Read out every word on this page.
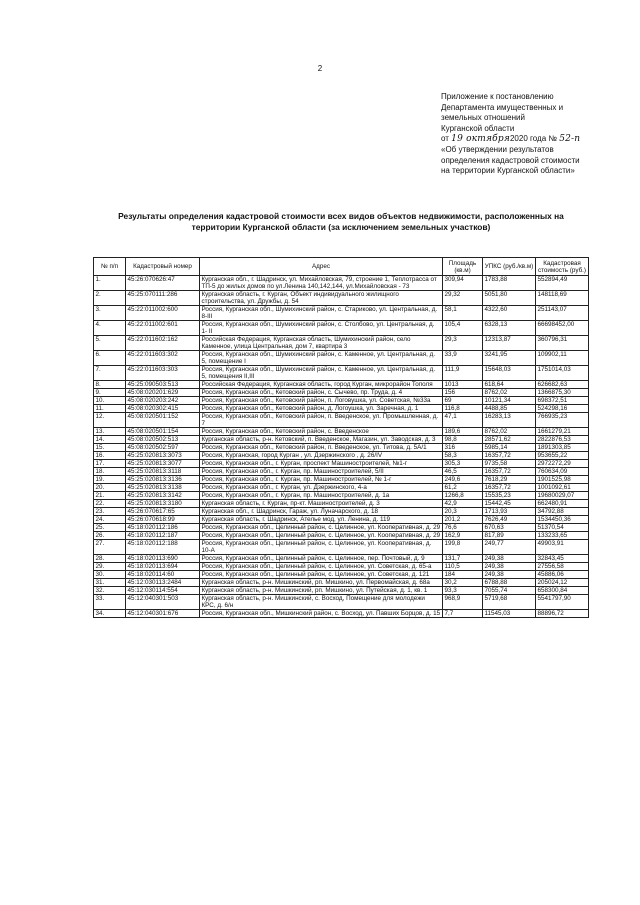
2
Приложение к постановлению
Департамента имущественных и
земельных отношений
Курганской области
от 19 октября2020 года № 52-п
«Об утверждении результатов
определения кадастровой стоимости
на территории Курганской области»
Результаты определения кадастровой стоимости всех видов объектов недвижимости, расположенных на территории Курганской области (за исключением земельных участков)
№ п/п	Кадастровый номер	Адрес	Площадь (кв.м)	УПКС (руб./кв.м)	Кадастровая стоимость (руб.)
1.	45:26:070626:47	Курганская обл., г. Шадринск, ул. Михайловская, 79, строение 1, Теплотрасса от ТП-5 до жилых домов по ул.Ленина 140,142,144, ул.Михайловская - 73	309,94	1783,88	552894,49
2.	45:25:070111:286	Курганская область, г. Курган, Объект индивидуального жилищного строительства, ул. Дружбы, д. 54	29,32	5051,80	148118,69
3.	45:22:011002:600	Россия, Курганская обл., Шумихинский район, с. Стариково, ул. Центральная, д. 8-III	58,1	4322,60	251143,07
4.	45:22:011002:601	Россия, Курганская обл., Шумихинский район, с. Столбово, ул. Центральная, д. 1- II	105,4	6328,13	66698452,00
5.	45:22:011602:162	Российская Федерация, Курганская область, Шумихинский район, село Каменное, улица Центральная, дом 7, квартира 3	29,3	12313,87	360796,31
6.	45:22:011603:302	Россия, Курганская обл., Шумихинский район, с. Каменное, ул. Центральная, д. 5, помещение I	33,9	3241,95	109902,11
7.	45:22:011603:303	Россия, Курганская обл., Шумихинский район, с. Каменное, ул. Центральная, д. 5, помещения II,III	111,9	15648,03	1751014,03
8.	45:25:090503:513	Российская Федерация, Курганская область, город Курган, микрорайон Тополя	1013	618,64	626682,63
9.	45:08:020201:629	Россия, Курганская обл., Кетовский район, с. Сычево, пр. Труда, д. 4	156	8762,02	1366875,30
10.	45:08:020203:242	Россия, Курганская обл., Кетовский район, п. Логовушка, ул. Советская, №33а	69	10121,34	698372,51
11.	45:08:020302:415	Россия, Курганская обл., Кетовский район, д. Логоушка, ул. Заречная, д. 1	116,8	4488,85	524298,16
12.	45:08:020501:152	Россия, Курганская обл., Кетовский район, п. Введенское, ул. Промышленная, д. 7	47,1	16283,13	766935,23
13.	45:08:020501:154	Россия, Курганская обл., Кетовский район, с. Введенское	189,6	8762,02	1661279,21
14.	45:08:020502:513	Курганская область, р-н. Кетовский, п. Введенское, Магазин, ул. Заводская, д. 3	98,8	28571,62	2822876,53
15.	45:08:020502:597	Россия, Курганская обл., Кетовский район, п. Введенское, ул. Титова, д. 5А/1	316	5985,14	1891303,85
16.	45:25:020813:3073	Россия, Курганская, город Курган , ул. Дзержинского , д. 26/IV	58,3	16357,72	953655,22
17.	45:25:020813:3077	Россия, Курганская обл., г. Курган, проспект Машиностроителей, №1-г	305,3	9735,58	2972272,29
18.	45:25:020813:3118	Россия, Курганская обл., г. Курган, пр. Машиностроителей, 5/II	46,5	16357,72	760634,09
19.	45:25:020813:3136	Россия, Курганская обл., г. Курган, пр. Машиностроителей, № 1-г	249,6	7618,29	1901525,98
20.	45:25:020813:3138	Россия, Курганская обл., г. Курган, ул. Дзержинского, 4-а	61,2	16357,72	1001092,61
21.	45:25:020813:3142	Россия, Курганская обл., г. Курган, пр. Машиностроителей, д. 1а	1266,8	15535,23	19680029,07
22.	45:25:020813:3180	Курганская область, г. Курган, пр-кт. Машиностроителей, д. 3	42,9	15442,45	662480,91
23.	45:26:070617:65	Курганская обл., г. Шадринск, Гараж, ул. Луначарского, д. 18	20,3	1713,93	34792,88
24.	45:26:070618:99	Курганская область, г. Шадринск, Ателье мод, ул. Ленина, д. 119	201,2	7626,49	1534450,36
25.	45:18:020112:186	Россия, Курганская обл., Целинный район, с. Целинное, ул. Кооперативная, д. 29	76,6	670,63	51370,54
26.	45:18:020112:187	Россия, Курганская обл., Целинный район, с. Целинное, ул. Кооперативная, д. 29	162,9	817,89	133233,65
27.	45:18:020112:188	Россия, Курганская обл., Целинный район, с. Целинное, ул. Кооперативная, д. 10-А	199,8	249,77	49903,91
28.	45:18:020113:690	Россия, Курганская обл., Целинный район, с. Целинное, пер. Почтовый, д. 9	131,7	249,38	32843,45
29.	45:18:020113:694	Россия, Курганская обл., Целинный район, с. Целинное, ул. Советская, д. 65-а	110,5	249,38	27556,58
30.	45:18:020114:60	Россия, Курганская обл., Целинный район, с. Целинное, ул. Советская, д. 121	184	249,38	45886,06
31.	45:12:030113:2484	Курганская область, р-н. Мишкинский, рп. Мишкино, ул. Первомайская, д. 68а	30,2	6788,88	205024,12
32.	45:12:030114:554	Курганская область, р-н. Мишкинский, рп. Мишкино, ул. Путейская, д. 1, кв. 1	93,3	7055,74	658300,84
33.	45:12:040301:503	Курганская область, р-н. Мишкинский, с. Восход, Помещение для молодежи КРС, д. 6/н	968,9	5719,68	5541797,90
34.	45:12:040301:676	Россия, Курганская обл., Мишкинский район, с. Восход, ул. Павших Борцов, д. 15	7,7	11545,03	88896,72
